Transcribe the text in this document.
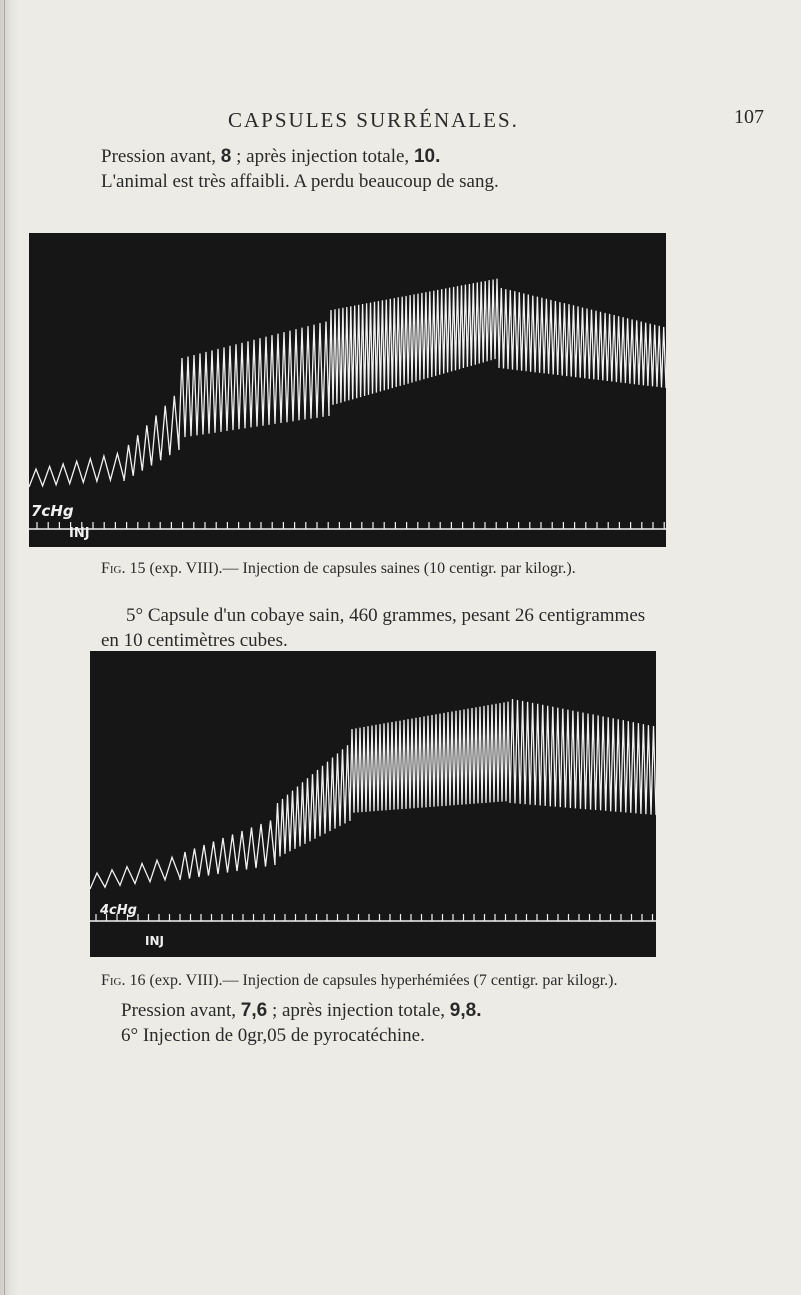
CAPSULES SURRÉNALES.	107
Pression avant, 8 ; après injection totale, 10.
L'animal est très affaibli. A perdu beaucoup de sang.
7cHg
INJ
Fig. 15 (exp. VIII).— Injection de capsules saines (10 centigr. par kilogr.).
5° Capsule d'un cobaye sain, 460 grammes, pesant 26 centigrammes
en 10 centimètres cubes.
4cHg
INJ
Fig. 16 (exp. VIII).— Injection de capsules hyperhémiées (7 centigr. par kilogr.).
Pression avant, 7,6 ; après injection totale, 9,8.
6° Injection de 0gr,05 de pyrocatéchine.
